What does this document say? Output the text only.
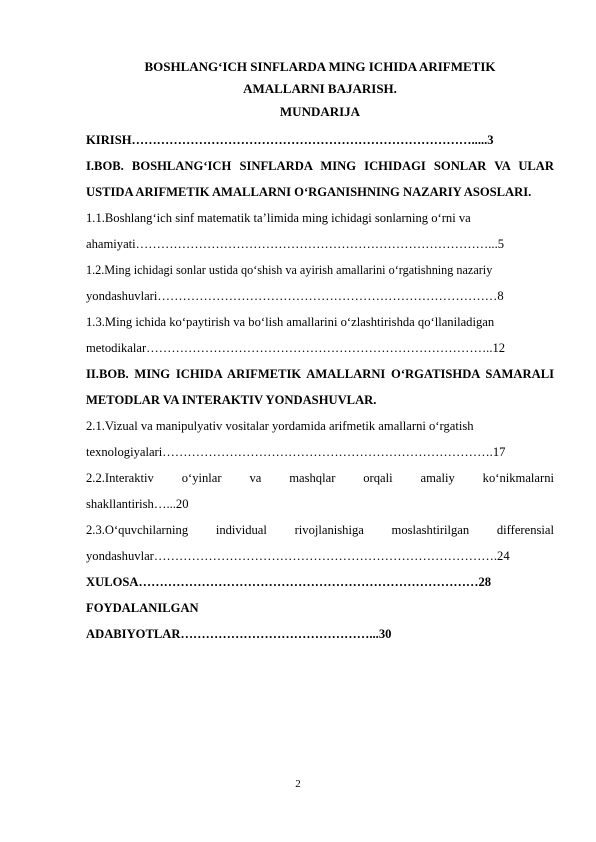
BOSHLANG‘ICH SINFLARDA MING ICHIDA ARIFMETIK
AMALLARNI BAJARISH.
MUNDARIJA
KIRISH……………………………………………………………………….....3
I.BOB. BOSHLANG‘ICH SINFLARDA MING ICHIDAGI SONLAR VA ULAR USTIDA ARIFMETIK AMALLARNI O‘RGANISHNING NAZARIY ASOSLARI.
1.1.Boshlang‘ich sinf matematik ta’limida ming ichidagi sonlarning o‘rni va
ahamiyati…………………………………………………………………………...5
1.2.Ming ichidagi sonlar ustida qo‘shish va ayirish amallarini o‘rgatishning nazariy
yondashuvlari………………………………………………………………………8
1.3.Ming ichida ko‘paytirish va bo‘lish amallarini o‘zlashtirishda qo‘llaniladigan
metodikalar………………………………………………………………………..12
II.BOB. MING ICHIDA ARIFMETIK AMALLARNI O‘RGATISHDA SAMARALI METODLAR VA INTERAKTIV YONDASHUVLAR.
2.1.Vizual va manipulyativ vositalar yordamida arifmetik amallarni o‘rgatish
texnologiyalari…………………………………………………………………….17
2.2.Interaktiv o‘yinlar va mashqlar orqali amaliy ko‘nikmalarni
shakllantirish…...20
2.3.O‘quvchilarning individual rivojlanishiga moslashtirilgan differensial
yondashuvlar……………………………………………………………………….24
XULOSA………………………………………………………………………28
FOYDALANILGAN
ADABIYOTLAR………………………………………...30
2
